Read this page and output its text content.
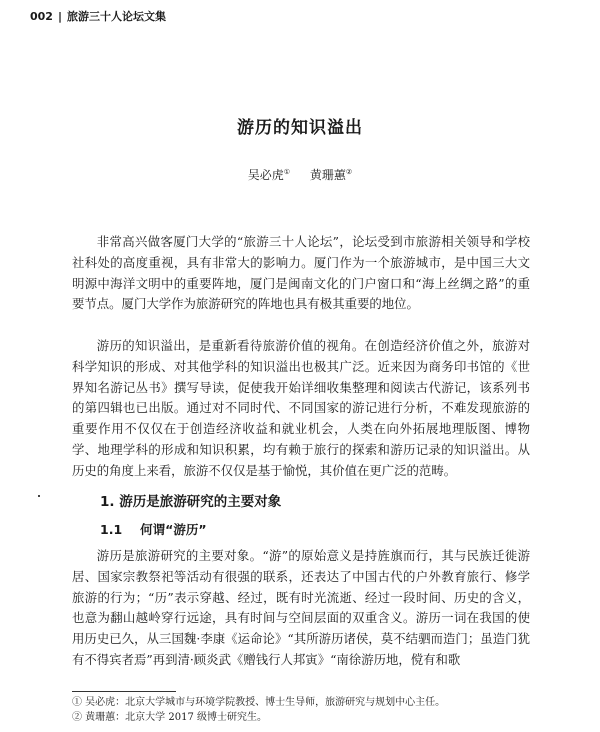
002 | 旅游三十人论坛文集
游历的知识溢出
吴必虎① 黄珊蕙②

非常高兴做客厦门大学的“旅游三十人论坛”，论坛受到市旅游相关领导和学校社科处的高度重视，具有非常大的影响力。厦门作为一个旅游城市，是中国三大文明源中海洋文明中的重要阵地，厦门是闽南文化的门户窗口和“海上丝绸之路”的重要节点。厦门大学作为旅游研究的阵地也具有极其重要的地位。

游历的知识溢出，是重新看待旅游价值的视角。在创造经济价值之外，旅游对科学知识的形成、对其他学科的知识溢出也极其广泛。近来因为商务印书馆的《世界知名游记丛书》撰写导读，促使我开始详细收集整理和阅读古代游记，该系列书的第四辑也已出版。通过对不同时代、不同国家的游记进行分析，不难发现旅游的重要作用不仅仅在于创造经济收益和就业机会，人类在向外拓展地理版图、博物学、地理学科的形成和知识积累，均有赖于旅行的探索和游历记录的知识溢出。从历史的角度上来看，旅游不仅仅是基于愉悦，其价值在更广泛的范畴。

1. 游历是旅游研究的主要对象
1.1 何谓“游历”

游历是旅游研究的主要对象。“游”的原始意义是持旌旗而行，其与民族迁徙游居、国家宗教祭祀等活动有很强的联系，还表达了中国古代的户外教育旅行、修学旅游的行为；“历”表示穿越、经过，既有时光流逝、经过一段时间、历史的含义，也意为翻山越岭穿行远途，具有时间与空间层面的双重含义。游历一词在我国的使用历史已久，从三国魏·李康《运命论》“其所游历诸侯，莫不结驷而造门；虽造门犹有不得宾者焉”再到清·顾炎武《赠钱行人邦寅》“南徐游历地，傥有和歌

① 吴必虎：北京大学城市与环境学院教授、博士生导师，旅游研究与规划中心主任。
② 黄珊蕙：北京大学 2017 级博士研究生。
